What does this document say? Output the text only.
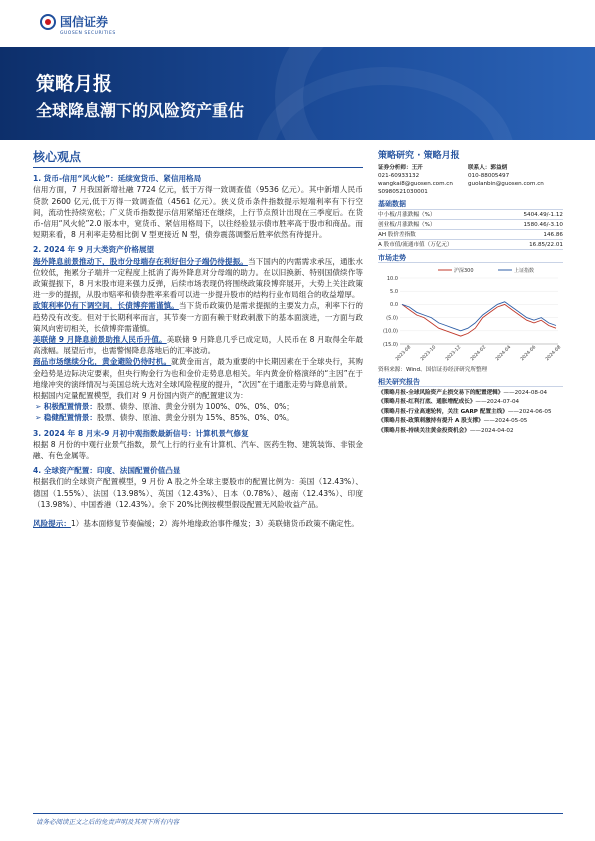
国信证券
GUOSEN SECURITIES
策略月报
全球降息潮下的风险资产重估
核心观点
1. 货币-信用“风火轮”：延续宽货币、紧信用格局
信用方面，7 月我国新增社融 7724 亿元，低于万得一致调查值（9536 亿元）。其中新增人民币贷款 2600 亿元,低于万得一致调查值（4561 亿元）。狭义货币条件指数提示短端利率有下行空间，流动性持续宽松；广义货币指数提示信用紧缩还在继续，上行节点预计出现在三季度后。在货币-信用“风火轮”2.0 版本中，宽货币、紧信用格局下，以往经验显示债市胜率高于股市和商品。而短期来看，8 月利率走势相比倒 V 型更接近 N 型，债券震荡调整后胜率依然有待提升。
2. 2024 年 9 月大类资产价格展望
海外降息前景推动下，股市分母端存在利好但分子端仍待提振。当下国内的内需需求承压，通胀水位较低，拖累分子端并一定程度上抵消了海外降息对分母端的助力。在以旧换新、特别国债续作等政策提振下，8 月末股市迎来强力反弹，后续市场表现仍将围绕政策段博弈展开，大势上关注政策进一步的提振，从股市赔率和债券胜率来看可以进一步提升股市的结构行业布局组合的收益增厚。
政策利率仍有下调空间，长债博弈需谨慎。当下货币政策仍是需求提振的主要发力点，利率下行的趋势没有改变。但对于长期利率而言，其节奏一方面有赖于财政刺激下的基本面演进，一方面与政策风向密切相关，长债博弈需谨慎。
美联储 9 月降息前景助推人民币升值。美联储 9 月降息几乎已成定局，人民币在 8 月取得全年最高涨幅。展望后市，也需警惕降息落地后的汇率波动。
商品市场继续分化，黄金避险仍待时机。就黄金而言，最为重要的中长期因素在于全球央行，其购金趋势是边际决定要素，但央行购金行为也和金价走势息息相关。年内黄金价格演绎的“主因”在于地缘冲突的演绎情况与美国总统大选对全球风险程度的提升，“次因”在于通胀走势与降息前景。
根据国内定量配置模型，我们对 9 月份国内资产的配置建议为：
➢ 积极配置情景：股票、债券、原油、黄金分别为 100%、0%、0%、0%；
➢ 稳健配置情景：股票、债券、原油、黄金分别为 15%、85%、0%、0%。
3. 2024 年 8 月末-9 月初中观指数最新信号：计算机景气修复
根据 8 月份的中观行业景气指数，景气上行的行业有计算机、汽车、医药生物、建筑装饰、非银金融、有色金属等。
4. 全球资产配置：印度、法国配置价值凸显
根据我们的全球资产配置模型，9 月份 A 股之外全球主要股市的配置比例为：美国（12.43%）、德国（1.55%）、法国（13.98%）、英国（12.43%）、日本（0.78%）、越南（12.43%）、印度（13.98%）、中国香港（12.43%）。余下 20%比例按模型假设配置无风险收益产品。
风险提示：1）基本面修复节奏偏缓；2）海外地缘政治事件爆发；3）美联储货币政策不确定性。
策略研究 · 策略月报
证券分析师：王开	联系人：郭益炳
021-60933132	010-88005497
wangkai8@guosen.com.cn	guolanbin@guosen.com.cn
S0980521030001
基础数据
中小板/月涨跌幅（%）	5404.49/-1.12
创业板/月涨跌幅（%）	1580.46/-3.10
AH 股价差指数	146.86
A 股市值/流通市值（万亿元）	16.85/22.01
市场走势
10.0
5.0
0.0
(5.0)
(10.0)
(15.0)
2023-08 2023-10 2023-12 2024-02 2024-04 2024-06 2024-08
沪深300	上证指数
资料来源：Wind、国信证券经济研究所整理
相关研究报告
《策略月报-全球风险资产止损交易下的配置逻辑》 ——2024-08-04
《策略月报-红利打底、通胀增配成长》 ——2024-07-04
《策略月报-行业高速轮转，关注 GARP 配置主线》 ——2024-06-05
《策略月报-政策刺激持有提升 A 股支撑》 ——2024-05-05
《策略月报-持续关注黄金投资机会》 ——2024-04-02
请务必阅读正文之后的免责声明及其项下所有内容
